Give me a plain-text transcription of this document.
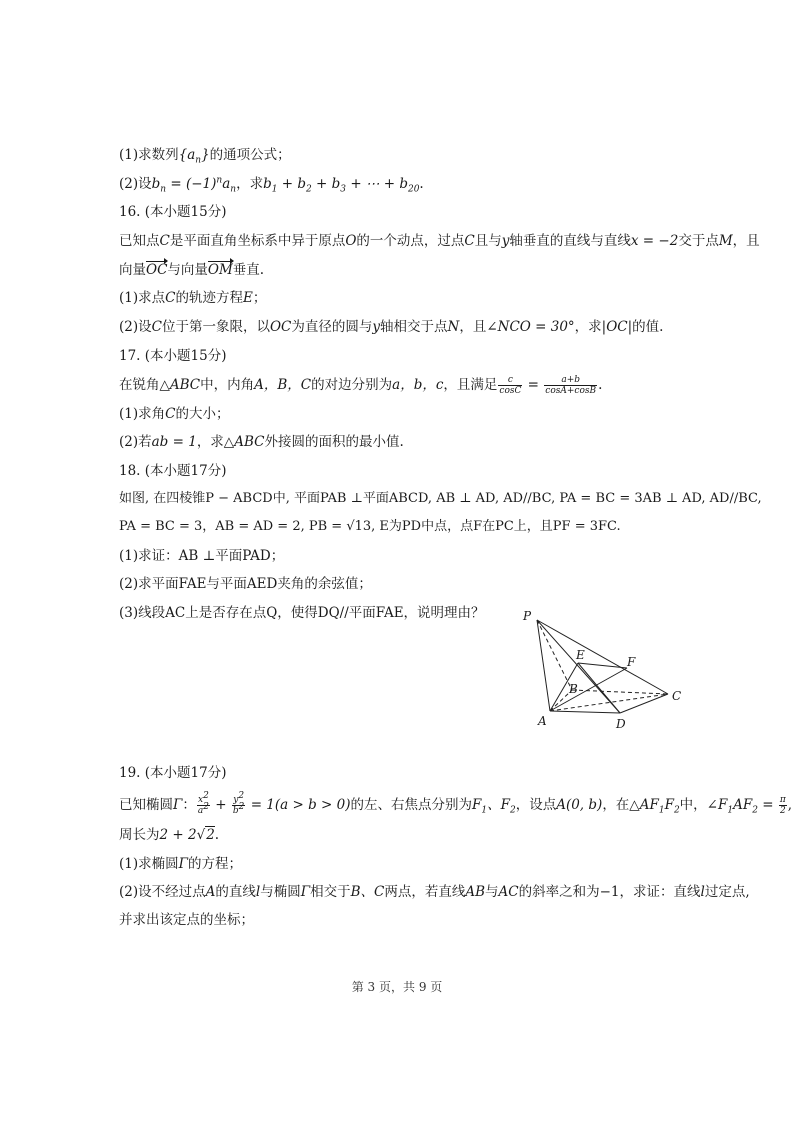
(1)求数列$\{a_n\}$的通项公式；
(2)设$b_n = (-1)^na_n$，求$b_1 + b_2 + b_3$ + ⋯ + $b_{20}$.
16. (本小题15分)
已知点C是平面直角坐标系中异于原点O的一个动点，过点C且与y轴垂直的直线与直线x = −2交于点M，且
向量OC与向量OM垂直.
(1)求点C的轨迹方程E；
(2)设C位于第一象限，以OC为直径的圆与y轴相交于点N，且∠NCO = 30°，求|OC|的值.
17. (本小题15分)
在锐角△ABC中，内角A，B，C的对边分别为a，b，c，且满足 $\frac{c}{\cos C} = \frac{a+b}{\cos A+\cos B}$ .
(1)求角C的大小；
(2)若ab = 1，求△ABC外接圆的面积的最小值.
18. (本小题17分)
如图, 在四棱锥P − ABCD中, 平面PAB ⊥平面ABCD, AB ⊥ AD, AD//BC, PA = BC = 3AB ⊥ AD, AD//BC,
PA = BC = 3，AB = AD = 2, PB = √13, E为PD中点，点F在PC上，且PF = 3FC.
(1)求证：AB ⊥平面PAD；
(2)求平面FAE与平面AED夹角的余弦值；
(3)线段AC上是否存在点Q，使得DQ//平面FAE，说明理由？	P
E	F
B	C
A	D
19. (本小题17分)
已知椭圆Γ： $\frac{x^2}{a^2} + \frac{y^2}{b^2} = 1(a > b > 0)$的左、右焦点分别为$F_1$、$F_2$，设点A(0, b)，在$\triangle AF_1F_2$中，$\angle F_1AF_2 = \frac{\pi}{2}$ ,
周长为2 + 2√2.
(1)求椭圆Γ的方程；
(2)设不经过点A的直线l与椭圆Γ相交于B、C两点，若直线AB与AC的斜率之和为−1，求证：直线l过定点,
并求出该定点的坐标；
第 3 页，共 9 页
